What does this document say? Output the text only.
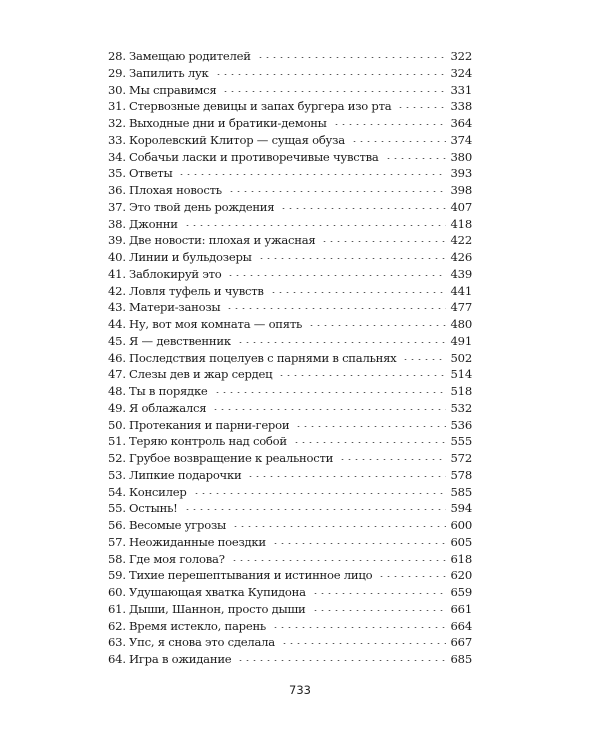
28. Замещаю родителей	322
29. Запилить лук	324
30. Мы справимся	331
31. Стервозные девицы и запах бургера изо рта	338
32. Выходные дни и братики-демоны	364
33. Королевский Клитор — сущая обуза	374
34. Собачьи ласки и противоречивые чувства	380
35. Ответы	393
36. Плохая новость	398
37. Это твой день рождения	407
38. Джонни	418
39. Две новости: плохая и ужасная	422
40. Линии и бульдозеры	426
41. Заблокируй это	439
42. Ловля туфель и чувств	441
43. Матери-занозы	477
44. Ну, вот моя комната — опять	480
45. Я — девственник	491
46. Последствия поцелуев с парнями в спальнях	502
47. Слезы дев и жар сердец	514
48. Ты в порядке	518
49. Я облажался	532
50. Протекания и парни-герои	536
51. Теряю контроль над собой	555
52. Грубое возвращение к реальности	572
53. Липкие подарочки	578
54. Консилер	585
55. Остынь!	594
56. Весомые угрозы	600
57. Неожиданные поездки	605
58. Где моя голова?	618
59. Тихие перешептывания и истинное лицо	620
60. Удушающая хватка Купидона	659
61. Дыши, Шаннон, просто дыши	661
62. Время истекло, парень	664
63. Упс, я снова это сделала	667
64. Игра в ожидание	685
733
